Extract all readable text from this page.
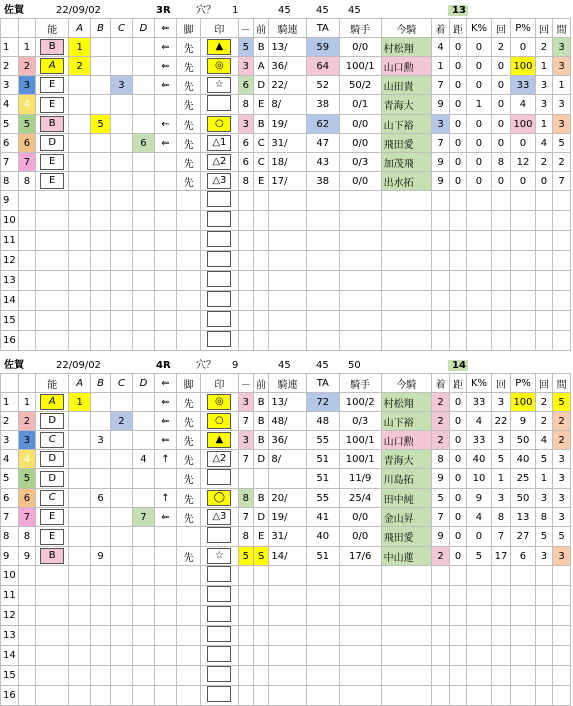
佐賀	22/09/02	3R	穴？ 1	45	45 45	13
		能	A	B	C	D	⇐	脚	印	－	前	騎連	TA	騎手	今騎	着	距	K%	回	P%	回	間
1	1	B	1				⇐	先	▲	5	B	13/	59	0/0	村松翔	4	0	0	2	0	2	3
2	2	A	2				⇐	先	◎	3	A	36/	64	100/1	山口勲	1	0	0	0	100	1	3
3	3	E			3		⇐	先	☆	6	D	22/	52	50/2	山田貴	7	0	0	0	33	3	1
4	4	E						先		8	E	8/	38	0/1	青海大	9	0	1	0	4	3	3
5	5	B		5			←	先	○	3	B	19/	62	0/0	山下裕	3	0	0	0	100	1	3
6	6	D				6	⇐	先	△1	6	C	31/	47	0/0	飛田愛	7	0	0	0	0	4	5
7	7	E						先	△2	6	C	18/	43	0/3	加茂飛	9	0	0	8	12	2	2
8	8	E						先	△3	8	E	17/	38	0/0	出水拓	9	0	0	0	0	0	7
9																						
10																						
11																						
12																						
13																						
14																						
15																						
16																						
佐賀	22/09/02	4R	穴？ 9	45	45 50	14
		能	A	B	C	D	⇐	脚	印	－	前	騎連	TA	騎手	今騎	着	距	K%	回	P%	回	間
1	1	A	1				⇐	先	◎	3	B	13/	72	100/2	村松翔	2	0	33	3	100	2	5
2	2	D			2		⇐	先	○	7	B	48/	48	0/3	山下裕	2	0	4	22	9	2	2
3	3	C		3			⇐	先	▲	3	B	36/	55	100/1	山口勲	2	0	33	3	50	4	2
4	4	D				4	↑	先	△2	7	D	8/	51	100/1	青海大	8	0	40	5	40	5	3
5	5	D						先					51	11/9	川島拓	9	0	10	1	25	1	3
6	6	C		6			↑	先	◯	8	B	20/	55	25/4	田中純	5	0	9	3	50	3	3
7	7	E				7	⇐	先	△3	7	D	19/	41	0/0	金山昇	7	0	4	8	13	8	3
8	8	E								8	E	31/	40	0/0	飛田愛	9	0	0	7	27	5	5
9	9	B		9				先	☆	5	S	14/	51	17/6	中山蓮	2	0	5	17	6	3	3
10																						
11																						
12																						
13																						
14																						
15																						
16																						
